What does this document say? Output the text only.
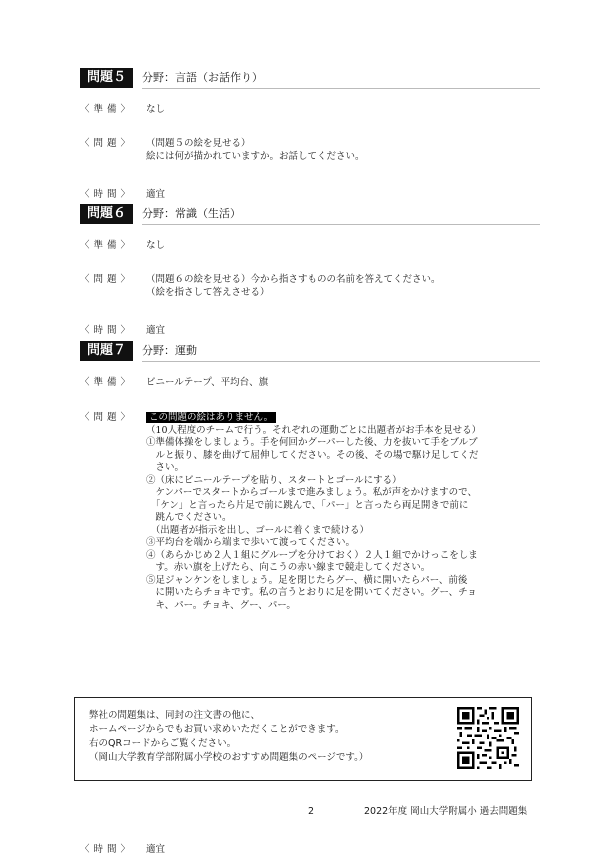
問題５	分野：言語（お話作り）
〈 準 備 〉 なし
〈 問 題 〉 （問題５の絵を見せる）
絵には何が描かれていますか。お話してください。
〈 時 間 〉 適宜
問題６	分野：常識（生活）
〈 準 備 〉 なし
〈 問 題 〉 （問題６の絵を見せる）今から指さすものの名前を答えてください。
（絵を指さして答えさせる）
〈 時 間 〉 適宜
問題７	分野：運動
〈 準 備 〉 ビニールテープ、平均台、旗
〈 問 題 〉	この問題の絵はありません。
（10人程度のチームで行う。それぞれの運動ごとに出題者がお手本を見せる）
①準備体操をしましょう。手を何回かグーパーした後、力を抜いて手をブルブ
　ルと振り、膝を曲げて屈伸してください。その後、その場で駆け足してくだ
　さい。
②（床にビニールテープを貼り、スタートとゴールにする）
　ケンパーでスタートからゴールまで進みましょう。私が声をかけますので、
　「ケン」と言ったら片足で前に跳んで、「パー」と言ったら両足開きで前に
　跳んでください。
　（出題者が指示を出し、ゴールに着くまで続ける）
③平均台を端から端まで歩いて渡ってください。
④（あらかじめ２人１組にグループを分けておく）２人１組でかけっこをしま
　す。赤い旗を上げたら、向こうの赤い線まで競走してください。
⑤足ジャンケンをしましょう。足を閉じたらグー、横に開いたらパー、前後
　に開いたらチョキです。私の言うとおりに足を開いてください。グー、チョ
　キ、パー。チョキ、グー、パー。
〈 時 間 〉 適宜
弊社の問題集は、同封の注文書の他に、
ホームページからでもお買い求めいただくことができます。
右のQRコードからご覧ください。
（岡山大学教育学部附属小学校のおすすめ問題集のページです。）
2	2022年度 岡山大学附属小 過去問題集
